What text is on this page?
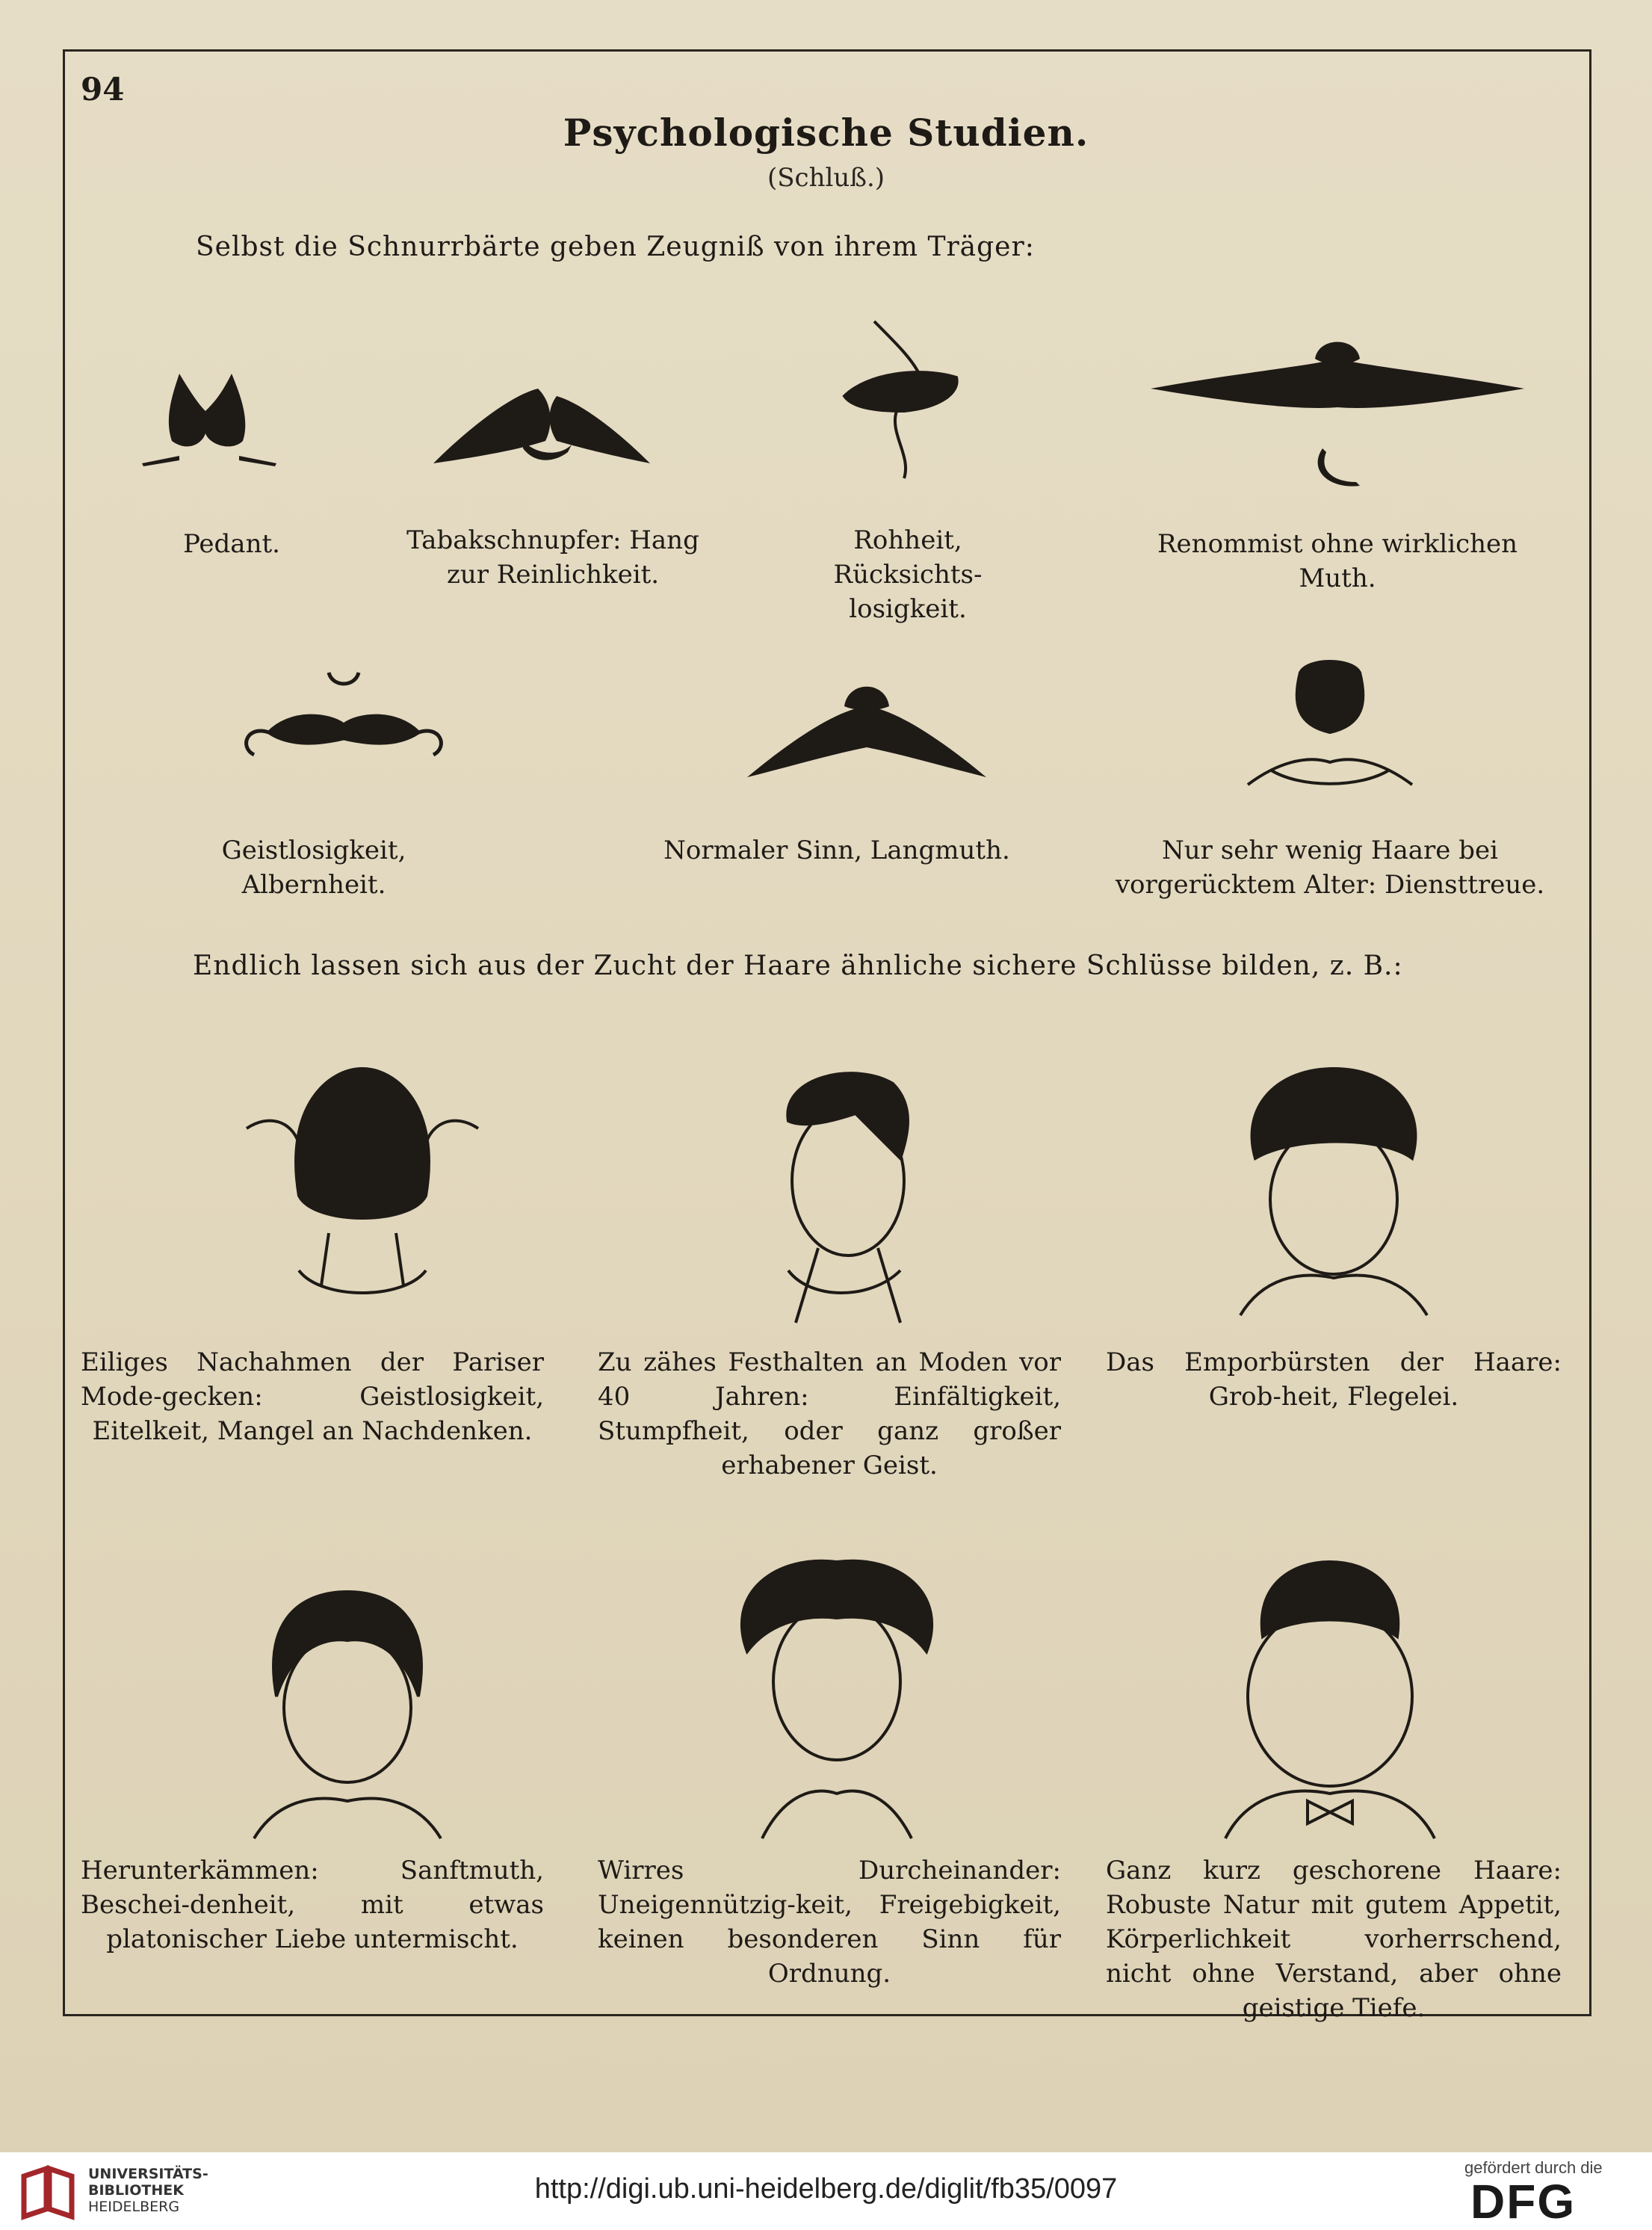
94
Psychologische Studien.
(Schluß.)
Selbst die Schnurrbärte geben Zeugniß von ihrem Träger:
Pedant.	Tabakschnupfer: Hang zur Reinlichkeit.
Rohheit, Rücksichts-losigkeit.
Renommist ohne wirklichen Muth.
Geistlosigkeit, Albernheit.
Normaler Sinn, Langmuth.	Nur sehr wenig Haare bei vorgerücktem Alter: Diensttreue.
Endlich lassen sich aus der Zucht der Haare ähnliche sichere Schlüsse bilden, z. B.:
Eiliges Nachahmen der Pariser Mode-gecken: Geistlosigkeit, Eitelkeit, Mangel an Nachdenken.
Zu zähes Festhalten an Moden vor 40 Jahren: Einfältigkeit, Stumpfheit, oder ganz großer erhabener Geist.
Das Emporbürsten der Haare: Grob-heit, Flegelei.
Herunterkämmen: Sanftmuth, Beschei-denheit, mit etwas platonischer Liebe untermischt.
Wirres Durcheinander: Uneigennützig-keit, Freigebigkeit, keinen besonderen Sinn für Ordnung.
Ganz kurz geschorene Haare: Robuste Natur mit gutem Appetit, Körperlichkeit vorherrschend, nicht ohne Verstand, aber ohne geistige Tiefe.
UNIVERSITÄTS-
BIBLIOTHEK
HEIDELBERG
http://digi.ub.uni-heidelberg.de/diglit/fb35/0097
gefördert durch die
DFG
